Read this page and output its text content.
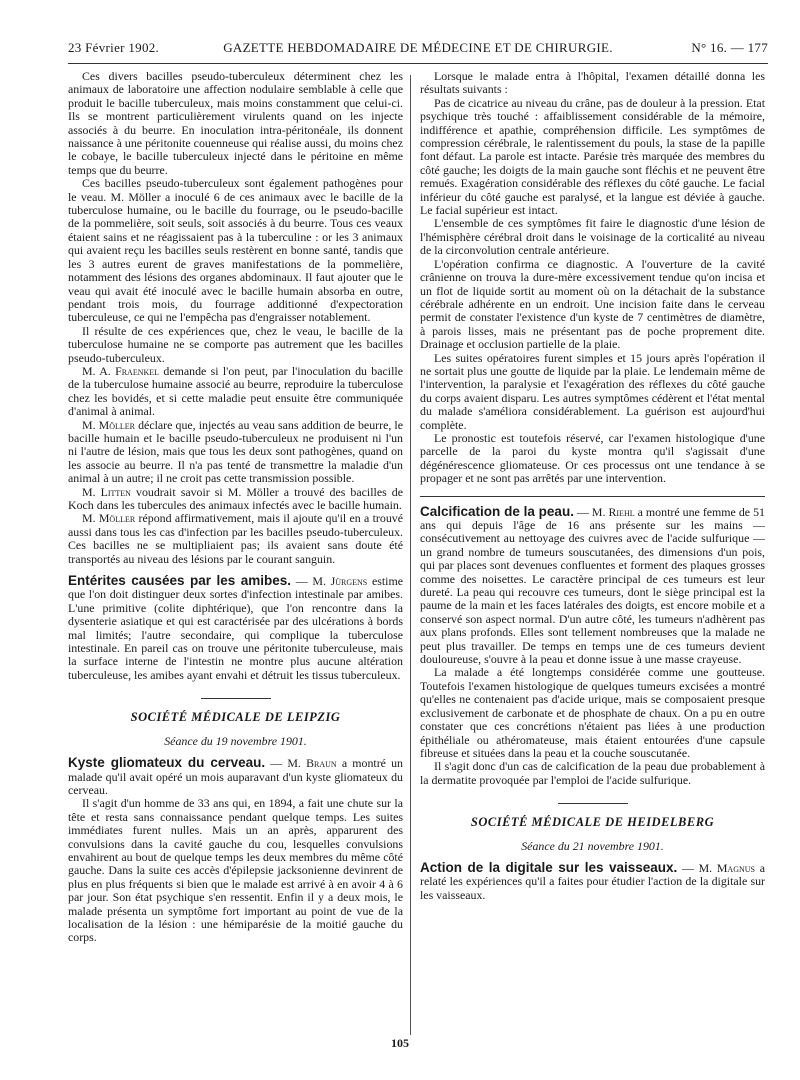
23 Février 1902.	GAZETTE HEBDOMADAIRE DE MÉDECINE ET DE CHIRURGIE.	N° 16. — 177

Ces divers bacilles pseudo-tuberculeux déterminent chez les animaux de laboratoire une affection nodulaire semblable à celle que produit le bacille tuberculeux, mais moins constamment que celui-ci. Ils se montrent particulièrement virulents quand on les injecte associés à du beurre. En inoculation intra-péritonéale, ils donnent naissance à une péritonite couenneuse qui réalise aussi, du moins chez le cobaye, le bacille tuberculeux injecté dans le péritoine en même temps que du beurre.

Ces bacilles pseudo-tuberculeux sont également pathogènes pour le veau. M. Möller a inoculé 6 de ces animaux avec le bacille de la tuberculose humaine, ou le bacille du fourrage, ou le pseudo-bacille de la pommelière, soit seuls, soit associés à du beurre. Tous ces veaux étaient sains et ne réagissaient pas à la tuberculine : or les 3 animaux qui avaient reçu les bacilles seuls restèrent en bonne santé, tandis que les 3 autres eurent de graves manifestations de la pommelière, notamment des lésions des organes abdominaux. Il faut ajouter que le veau qui avait été inoculé avec le bacille humain absorba en outre, pendant trois mois, du fourrage additionné d'expectoration tuberculeuse, ce qui ne l'empêcha pas d'engraisser notablement.

Il résulte de ces expériences que, chez le veau, le bacille de la tuberculose humaine ne se comporte pas autrement que les bacilles pseudo-tuberculeux.

M. A. Fraenkel demande si l'on peut, par l'inoculation du bacille de la tuberculose humaine associé au beurre, reproduire la tuberculose chez les bovidés, et si cette maladie peut ensuite être communiquée d'animal à animal.

M. Möller déclare que, injectés au veau sans addition de beurre, le bacille humain et le bacille pseudo-tuberculeux ne produisent ni l'un ni l'autre de lésion, mais que tous les deux sont pathogènes, quand on les associe au beurre. Il n'a pas tenté de transmettre la maladie d'un animal à un autre; il ne croit pas cette transmission possible.

M. Litten voudrait savoir si M. Möller a trouvé des bacilles de Koch dans les tubercules des animaux infectés avec le bacille humain.

M. Möller répond affirmativement, mais il ajoute qu'il en a trouvé aussi dans tous les cas d'infection par les bacilles pseudo-tuberculeux. Ces bacilles ne se multipliaient pas; ils avaient sans doute été transportés au niveau des lésions par le courant sanguin.

Entérites causées par les amibes. — M. Jürgens estime que l'on doit distinguer deux sortes d'infection intestinale par amibes. L'une primitive (colite diphtérique), que l'on rencontre dans la dysenterie asiatique et qui est caractérisée par des ulcérations à bords mal limités; l'autre secondaire, qui complique la tuberculose intestinale. En pareil cas on trouve une péritonite tuberculeuse, mais la surface interne de l'intestin ne montre plus aucune altération tuberculeuse, les amibes ayant envahi et détruit les tissus tuberculeux.

SOCIÉTÉ MÉDICALE DE LEIPZIG
Séance du 19 novembre 1901.

Kyste gliomateux du cerveau. — M. Braun a montré un malade qu'il avait opéré un mois auparavant d'un kyste gliomateux du cerveau.

Il s'agit d'un homme de 33 ans qui, en 1894, a fait une chute sur la tête et resta sans connaissance pendant quelque temps. Les suites immédiates furent nulles. Mais un an après, apparurent des convulsions dans la cavité gauche du cou, lesquelles convulsions envahirent au bout de quelque temps les deux membres du même côté gauche. Dans la suite ces accès d'épilepsie jacksonienne devinrent de plus en plus fréquents si bien que le malade est arrivé à en avoir 4 à 6 par jour. Son état psychique s'en ressentit. Enfin il y a deux mois, le malade présenta un symptôme fort important au point de vue de la localisation de la lésion : une hémiparésie de la moitié gauche du corps.

Lorsque le malade entra à l'hôpital, l'examen détaillé donna les résultats suivants :

Pas de cicatrice au niveau du crâne, pas de douleur à la pression. Etat psychique très touché : affaiblissement considérable de la mémoire, indifférence et apathie, compréhension difficile. Les symptômes de compression cérébrale, le ralentissement du pouls, la stase de la papille font défaut. La parole est intacte. Parésie très marquée des membres du côté gauche; les doigts de la main gauche sont fléchis et ne peuvent être remués. Exagération considérable des réflexes du côté gauche. Le facial inférieur du côté gauche est paralysé, et la langue est déviée à gauche. Le facial supérieur est intact.

L'ensemble de ces symptômes fit faire le diagnostic d'une lésion de l'hémisphère cérébral droit dans le voisinage de la corticalité au niveau de la circonvolution centrale antérieure.

L'opération confirma ce diagnostic. A l'ouverture de la cavité crânienne on trouva la dure-mère excessivement tendue qu'on incisa et un flot de liquide sortit au moment où on la détachait de la substance cérébrale adhérente en un endroit. Une incision faite dans le cerveau permit de constater l'existence d'un kyste de 7 centimètres de diamètre, à parois lisses, mais ne présentant pas de poche proprement dite. Drainage et occlusion partielle de la plaie.

Les suites opératoires furent simples et 15 jours après l'opération il ne sortait plus une goutte de liquide par la plaie. Le lendemain même de l'intervention, la paralysie et l'exagération des réflexes du côté gauche du corps avaient disparu. Les autres symptômes cédèrent et l'état mental du malade s'améliora considérablement. La guérison est aujourd'hui complète.

Le pronostic est toutefois réservé, car l'examen histologique d'une parcelle de la paroi du kyste montra qu'il s'agissait d'une dégénérescence gliomateuse. Or ces processus ont une tendance à se propager et ne sont pas arrêtés par une intervention.

Calcification de la peau. — M. Riehl a montré une femme de 51 ans qui depuis l'âge de 16 ans présente sur les mains — consécutivement au nettoyage des cuivres avec de l'acide sulfurique — un grand nombre de tumeurs souscutanées, des dimensions d'un pois, qui par places sont devenues confluentes et forment des plaques grosses comme des noisettes. Le caractère principal de ces tumeurs est leur dureté. La peau qui recouvre ces tumeurs, dont le siège principal est la paume de la main et les faces latérales des doigts, est encore mobile et a conservé son aspect normal. D'un autre côté, les tumeurs n'adhèrent pas aux plans profonds. Elles sont tellement nombreuses que la malade ne peut plus travailler. De temps en temps une de ces tumeurs devient douloureuse, s'ouvre à la peau et donne issue à une masse crayeuse.

La malade a été longtemps considérée comme une goutteuse. Toutefois l'examen histologique de quelques tumeurs excisées a montré qu'elles ne contenaient pas d'acide urique, mais se composaient presque exclusivement de carbonate et de phosphate de chaux. On a pu en outre constater que ces concrétions n'étaient pas liées à une production épithéliale ou athéromateuse, mais étaient entourées d'une capsule fibreuse et situées dans la peau et la couche souscutanée.

Il s'agit donc d'un cas de calcification de la peau due probablement à la dermatite provoquée par l'emploi de l'acide sulfurique.

SOCIÉTÉ MÉDICALE DE HEIDELBERG
Séance du 21 novembre 1901.

Action de la digitale sur les vaisseaux. — M. Magnus a relaté les expériences qu'il a faites pour étudier l'action de la digitale sur les vaisseaux.

105
